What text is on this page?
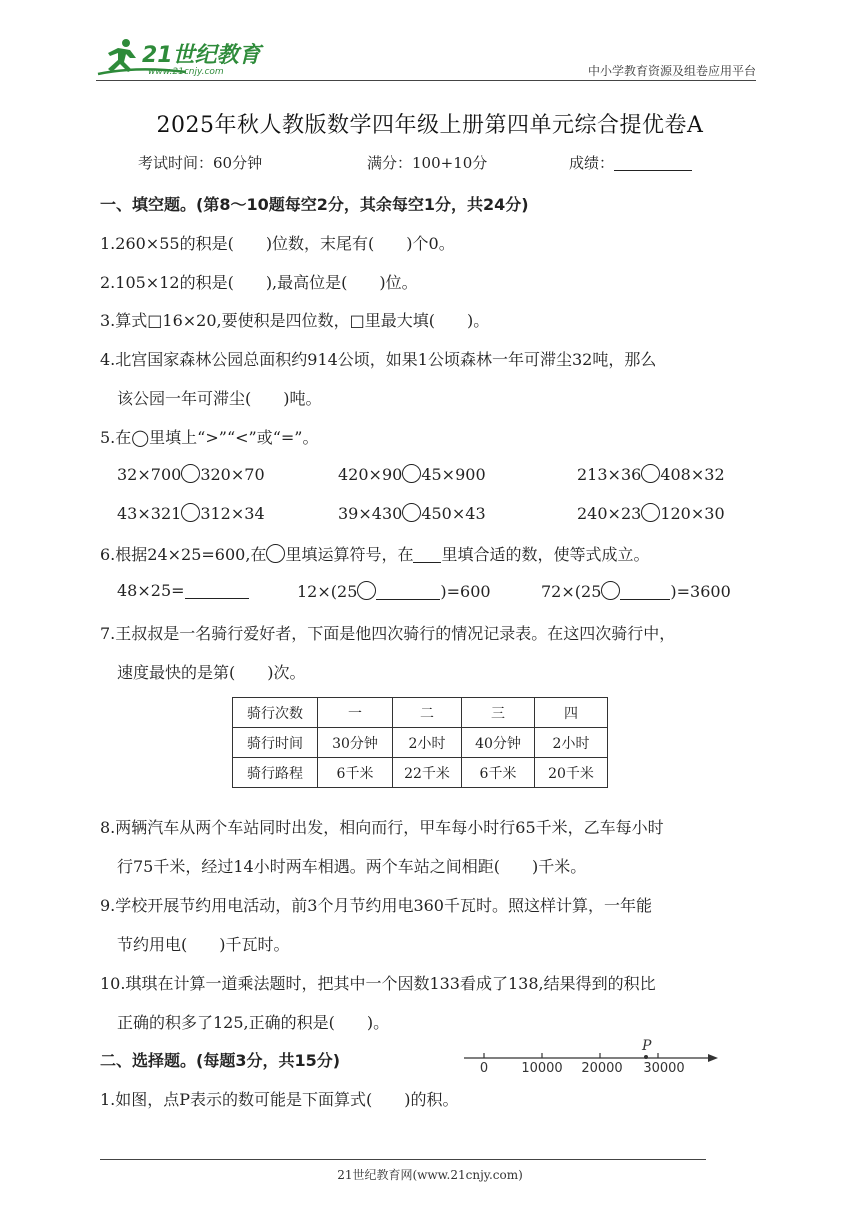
21世纪教育
www.21cnjy.com	中小学教育资源及组卷应用平台
2025年秋人教版数学四年级上册第四单元综合提优卷A
考试时间：60分钟	满分：100+10分	成绩：
一、填空题。(第8～10题每空2分，其余每空1分，共24分)
1.260×55的积是(　　)位数，末尾有(　　)个0。
2.105×12的积是(　　),最高位是(　　)位。
3.算式□16×20,要使积是四位数，□里最大填(　　)。
4.北宫国家森林公园总面积约914公顷，如果1公顷森林一年可滞尘32吨，那么
该公园一年可滞尘(　　)吨。
5.在◯里填上“>”“<”或“=”。
32×700 320×70	420×90 45×900	213×36 408×32
43×321 312×34	39×430 450×43	240×23 120×30
6.根据24×25=600,在 里填运算符号，在 里填合适的数，使等式成立。
48×25=	12×(25	)=600	72×(25	)=3600
7.王叔叔是一名骑行爱好者，下面是他四次骑行的情况记录表。在这四次骑行中，
速度最快的是第(　　)次。
骑行次数	一	二	三	四
骑行时间	30分钟	2小时	40分钟	2小时
骑行路程	6千米	22千米	6千米	20千米
8.两辆汽车从两个车站同时出发，相向而行，甲车每小时行65千米，乙车每小时
行75千米，经过14小时两车相遇。两个车站之间相距(　　)千米。
9.学校开展节约用电活动，前3个月节约用电360千瓦时。照这样计算，一年能
节约用电(　　)千瓦时。
10.琪琪在计算一道乘法题时，把其中一个因数133看成了138,结果得到的积比
正确的积多了125,正确的积是(　　)。
二、选择题。(每题3分，共15分)
P
0	10000 20000 30000
1.如图，点P表示的数可能是下面算式(　　)的积。
21世纪教育网(www.21cnjy.com)
